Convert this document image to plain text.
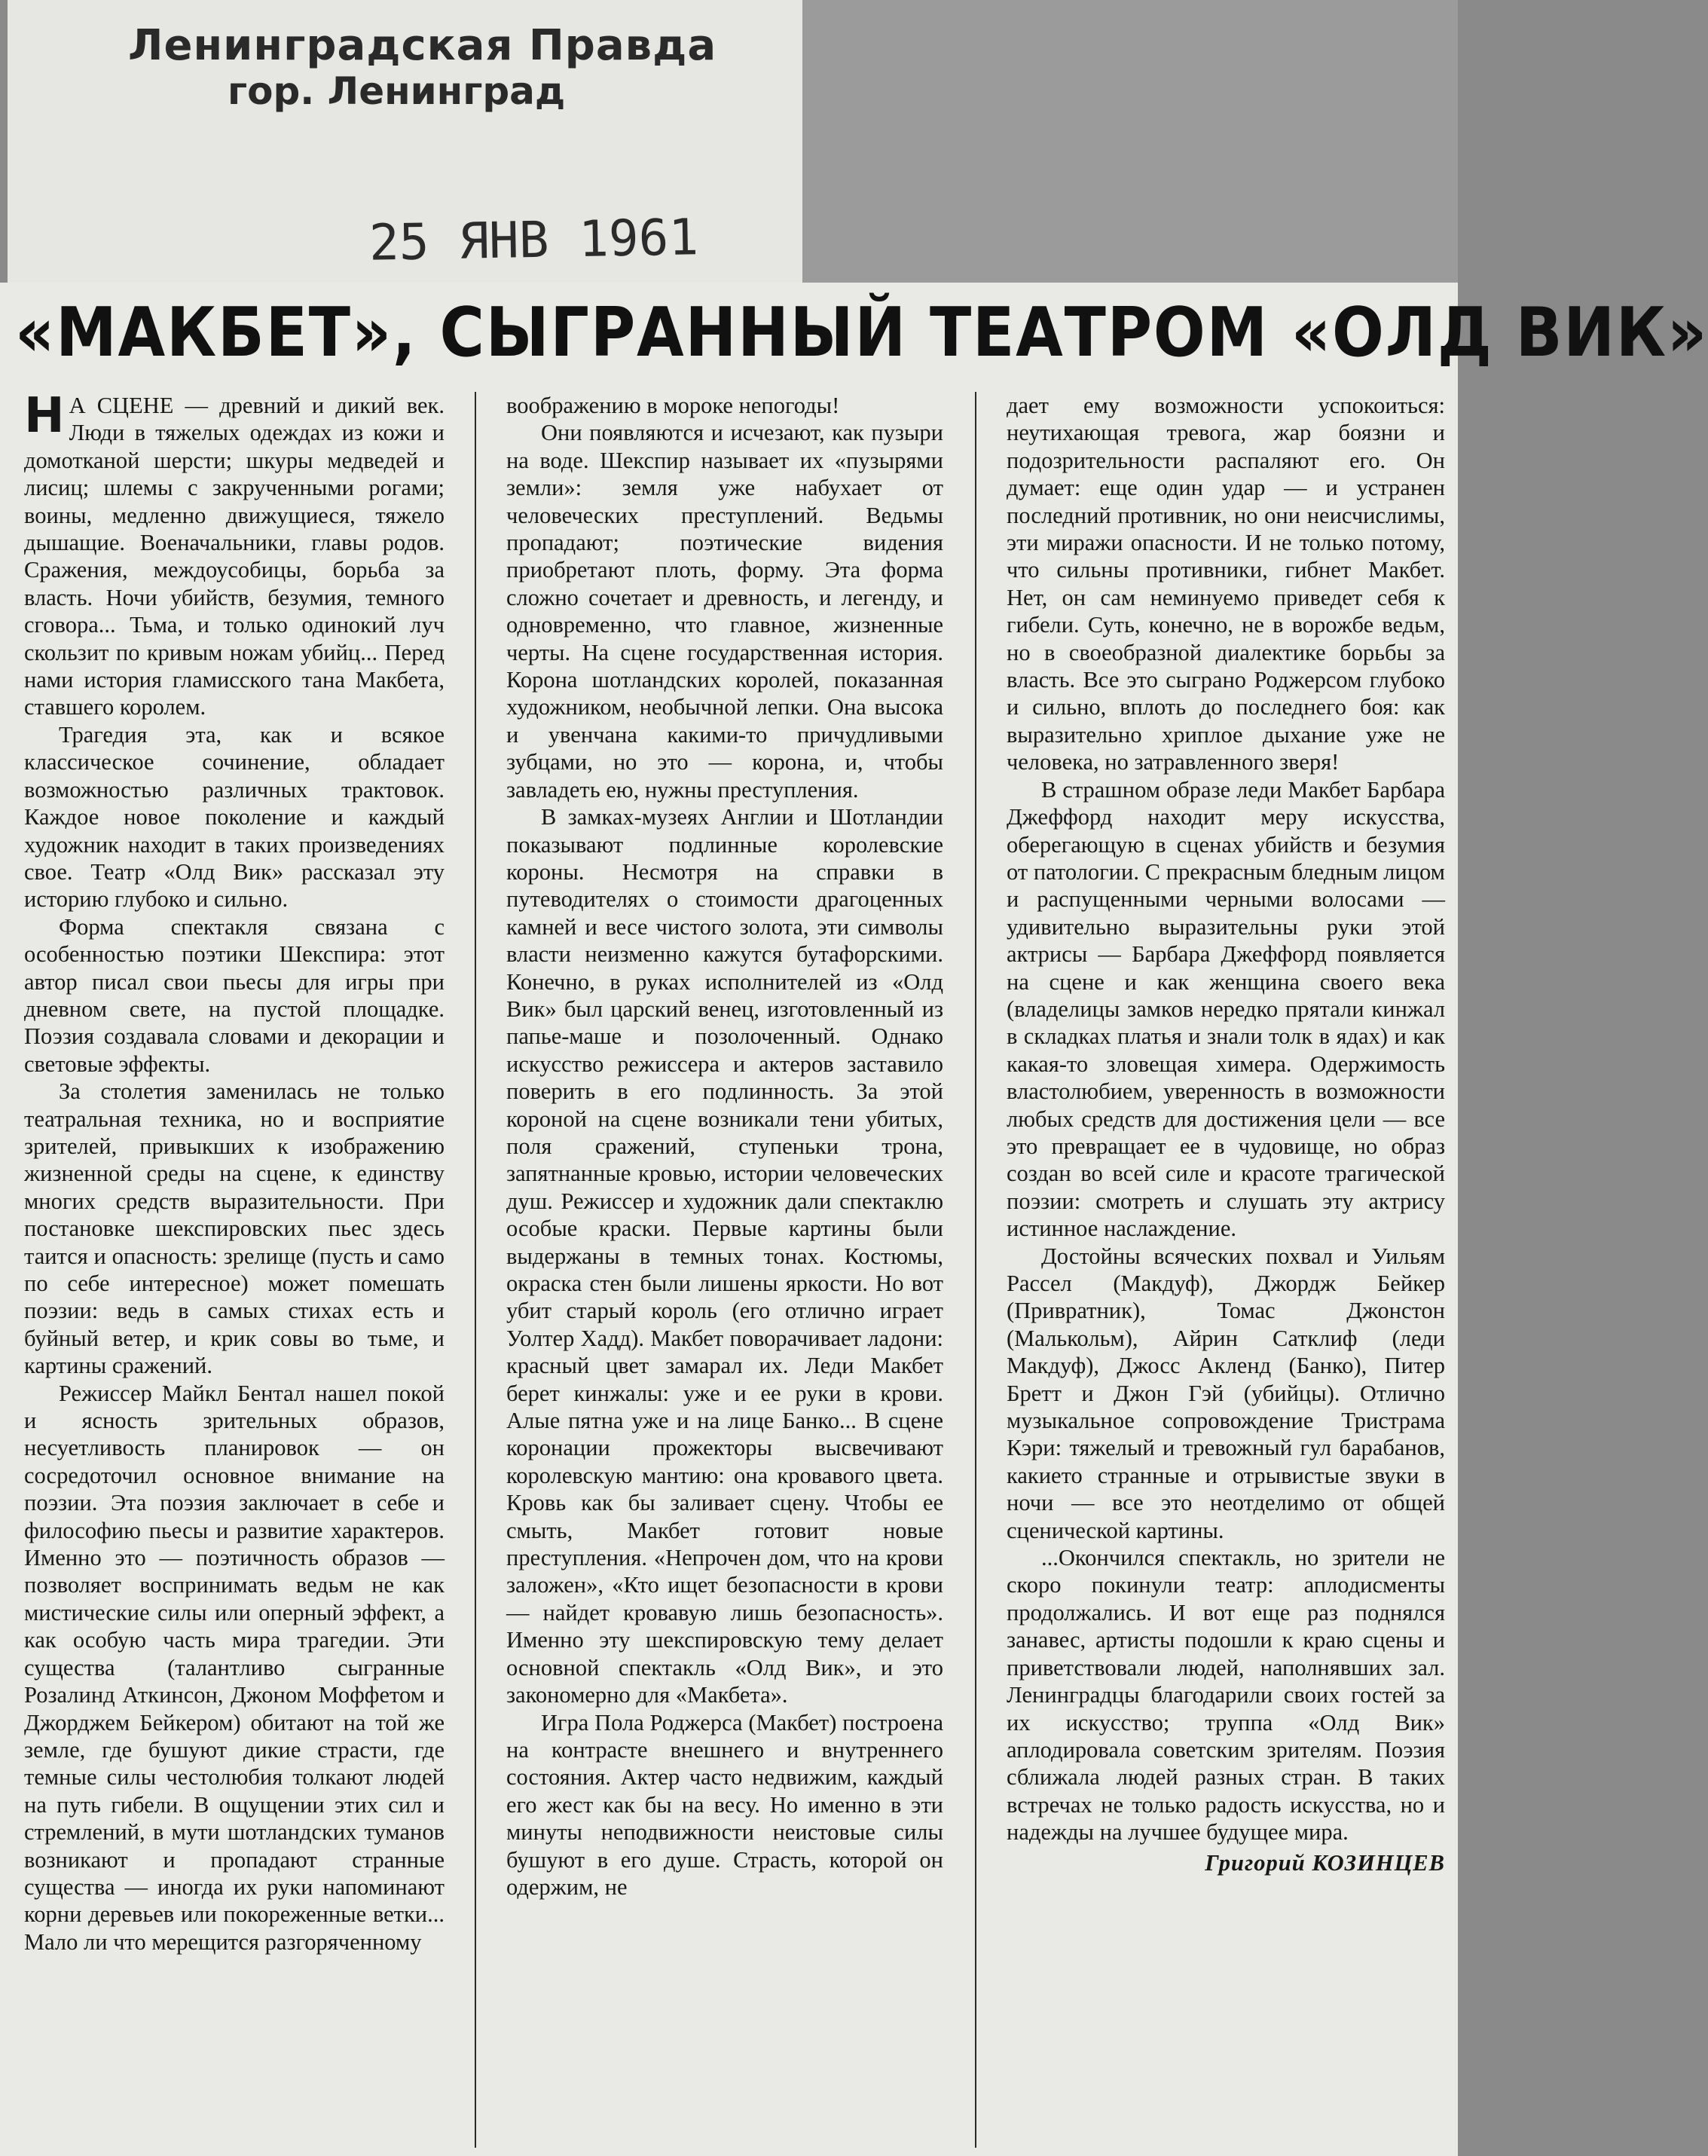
Ленинградская Правда
гор. Ленинград
25 ЯНВ 1961
«МАКБЕТ», СЫГРАННЫЙ ТЕАТРОМ «ОЛД ВИК»

Н А СЦЕНЕ — древний и дикий век. Люди в тяжелых одеждах из кожи и домотканой шерсти; шкуры медведей и лисиц; шлемы с закрученными рогами; воины, медленно движущиеся, тяжело дышащие. Военачальники, главы родов. Сражения, междоусобицы, борьба за власть. Ночи убийств, безумия, темного сговора... Тьма, и только одинокий луч скользит по кривым ножам убийц... Перед нами история гламисского тана Макбета, ставшего королем.

Трагедия эта, как и всякое классическое сочинение, обладает возможностью различных трактовок. Каждое новое поколение и каждый художник находит в таких произведениях свое. Театр «Олд Вик» рассказал эту историю глубоко и сильно.

Форма спектакля связана с особенностью поэтики Шекспира: этот автор писал свои пьесы для игры при дневном свете, на пустой площадке. Поэзия создавала словами и декорации и световые эффекты.

За столетия заменилась не только театральная техника, но и восприятие зрителей, привыкших к изображению жизненной среды на сцене, к единству многих средств выразительности. При постановке шекспировских пьес здесь таится и опасность: зрелище (пусть и само по себе интересное) может помешать поэзии: ведь в самых стихах есть и буйный ветер, и крик совы во тьме, и картины сражений.

Режиссер Майкл Бентал нашел покой и ясность зрительных образов, несуетливость планировок — он сосредоточил основное внимание на поэзии. Эта поэзия заключает в себе и философию пьесы и развитие характеров. Именно это — поэтичность образов — позволяет воспринимать ведьм не как мистические силы или оперный эффект, а как особую часть мира трагедии. Эти существа (талантливо сыгранные Розалинд Аткинсон, Джоном Моффетом и Джорджем Бейкером) обитают на той же земле, где бушуют дикие страсти, где темные силы честолюбия толкают людей на путь гибели. В ощущении этих сил и стремлений, в мути шотландских туманов возникают и пропадают странные существа — иногда их руки напоминают корни деревьев или покореженные ветки... Мало ли что мерещится разгоряченному

воображению в мороке непогоды!

Они появляются и исчезают, как пузыри на воде. Шекспир называет их «пузырями земли»: земля уже набухает от человеческих преступлений. Ведьмы пропадают; поэтические видения приобретают плоть, форму. Эта форма сложно сочетает и древность, и легенду, и одновременно, что главное, жизненные черты. На сцене государственная история. Корона шотландских королей, показанная художником, необычной лепки. Она высока и увенчана какими-то причудливыми зубцами, но это — корона, и, чтобы завладеть ею, нужны преступления.

В замках-музеях Англии и Шотландии показывают подлинные королевские короны. Несмотря на справки в путеводителях о стоимости драгоценных камней и весе чистого золота, эти символы власти неизменно кажутся бутафорскими. Конечно, в руках исполнителей из «Олд Вик» был царский венец, изготовленный из папье-маше и позолоченный. Однако искусство режиссера и актеров заставило поверить в его подлинность. За этой короной на сцене возникали тени убитых, поля сражений, ступеньки трона, запятнанные кровью, истории человеческих душ. Режиссер и художник дали спектаклю особые краски. Первые картины были выдержаны в темных тонах. Костюмы, окраска стен были лишены яркости. Но вот убит старый король (его отлично играет Уолтер Хадд). Макбет поворачивает ладони: красный цвет замарал их. Леди Макбет берет кинжалы: уже и ее руки в крови. Алые пятна уже и на лице Банко... В сцене коронации прожекторы высвечивают королевскую мантию: она кровавого цвета. Кровь как бы заливает сцену. Чтобы ее смыть, Макбет готовит новые преступления. «Непрочен дом, что на крови заложен», «Кто ищет безопасности в крови — найдет кровавую лишь безопасность». Именно эту шекспировскую тему делает основной спектакль «Олд Вик», и это закономерно для «Макбета».

Игра Пола Роджерса (Макбет) построена на контрасте внешнего и внутреннего состояния. Актер часто недвижим, каждый его жест как бы на весу. Но именно в эти минуты неподвижности неистовые силы бушуют в его душе. Страсть, которой он одержим, не

дает ему возможности успокоиться: неутихающая тревога, жар боязни и подозрительности распаляют его. Он думает: еще один удар — и устранен последний противник, но они неисчислимы, эти миражи опасности. И не только потому, что сильны противники, гибнет Макбет. Нет, он сам неминуемо приведет себя к гибели. Суть, конечно, не в ворожбе ведьм, но в своеобразной диалектике борьбы за власть. Все это сыграно Роджерсом глубоко и сильно, вплоть до последнего боя: как выразительно хриплое дыхание уже не человека, но затравленного зверя!

В страшном образе леди Макбет Барбара Джеффорд находит меру искусства, оберегающую в сценах убийств и безумия от патологии. С прекрасным бледным лицом и распущенными черными волосами — удивительно выразительны руки этой актрисы — Барбара Джеффорд появляется на сцене и как женщина своего века (владелицы замков нередко прятали кинжал в складках платья и знали толк в ядах) и как какая-то зловещая химера. Одержимость властолюбием, уверенность в возможности любых средств для достижения цели — все это превращает ее в чудовище, но образ создан во всей силе и красоте трагической поэзии: смотреть и слушать эту актрису истинное наслаждение.

Достойны всяческих похвал и Уильям Рассел (Макдуф), Джордж Бейкер (Привратник), Томас Джонстон (Малькольм), Айрин Сатклиф (леди Макдуф), Джосс Акленд (Банко), Питер Бретт и Джон Гэй (убийцы). Отлично музыкальное сопровождение Тристрама Кэри: тяжелый и тревожный гул барабанов, какието странные и отрывистые звуки в ночи — все это неотделимо от общей сценической картины.

...Окончился спектакль, но зрители не скоро покинули театр: аплодисменты продолжались. И вот еще раз поднялся занавес, артисты подошли к краю сцены и приветствовали людей, наполнявших зал. Ленинградцы благодарили своих гостей за их искусство; труппа «Олд Вик» аплодировала советским зрителям. Поэзия сближала людей разных стран. В таких встречах не только радость искусства, но и надежды на лучшее будущее мира.

Григорий КОЗИНЦЕВ
